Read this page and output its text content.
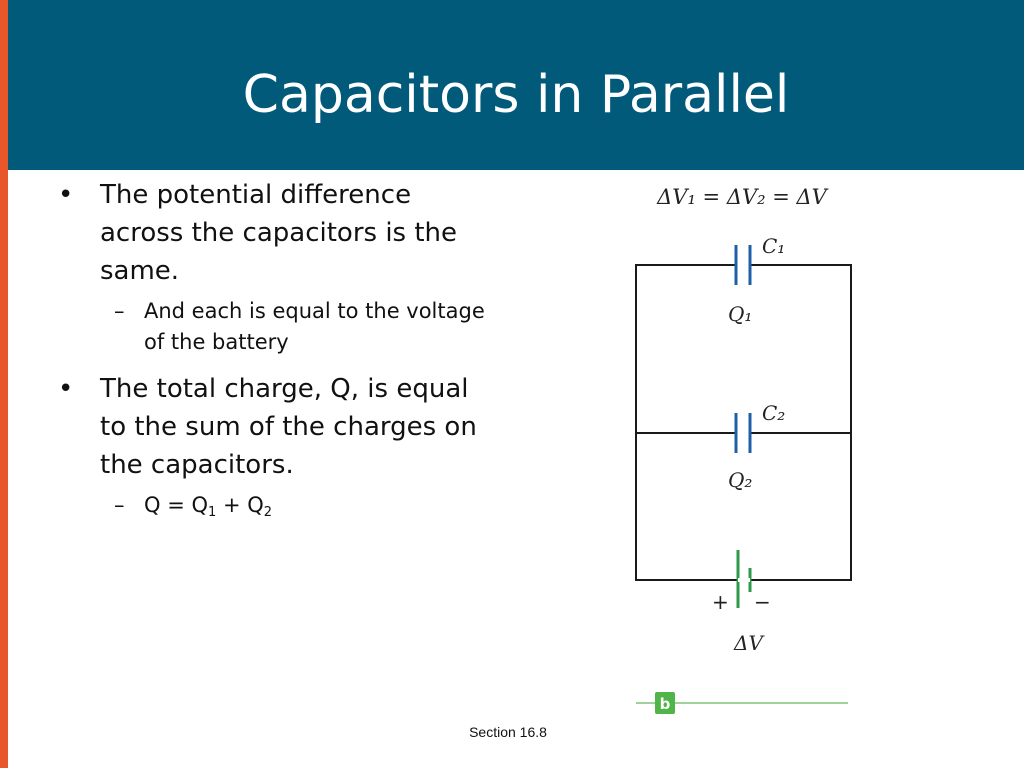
Capacitors in Parallel
•	The potential difference across the capacitors is the same.
– And each is equal to the voltage of the battery
•	The total charge, Q, is equal to the sum of the charges on the capacitors.
– $Q = Q_1 + Q_2$
ΔV₁ = ΔV₂ = ΔV
C₁
Q₁
C₂
Q₂
ΔV
+ −
b
Section 16.8
